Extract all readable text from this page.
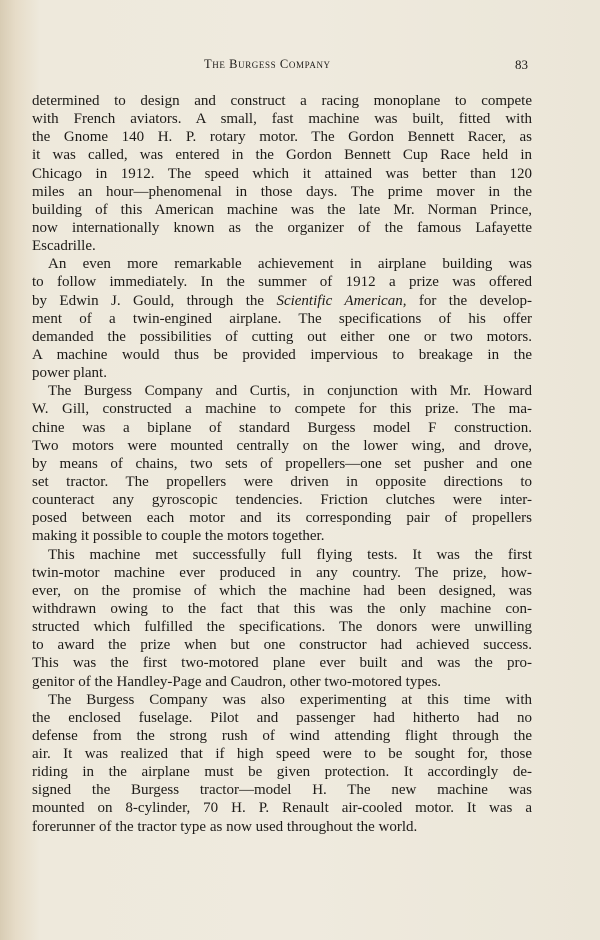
The Burgess Company	83
determined to design and construct a racing monoplane to compete
with French aviators. A small, fast machine was built, fitted with
the Gnome 140 H. P. rotary motor. The Gordon Bennett Racer, as
it was called, was entered in the Gordon Bennett Cup Race held in
Chicago in 1912. The speed which it attained was better than 120
miles an hour—phenomenal in those days. The prime mover in the
building of this American machine was the late Mr. Norman Prince,
now internationally known as the organizer of the famous Lafayette
Escadrille.
An even more remarkable achievement in airplane building was
to follow immediately. In the summer of 1912 a prize was offered
by Edwin J. Gould, through the Scientific American, for the develop-
ment of a twin-engined airplane. The specifications of his offer
demanded the possibilities of cutting out either one or two motors.
A machine would thus be provided impervious to breakage in the
power plant.
The Burgess Company and Curtis, in conjunction with Mr. Howard
W. Gill, constructed a machine to compete for this prize. The ma-
chine was a biplane of standard Burgess model F construction.
Two motors were mounted centrally on the lower wing, and drove,
by means of chains, two sets of propellers—one set pusher and one
set tractor. The propellers were driven in opposite directions to
counteract any gyroscopic tendencies. Friction clutches were inter-
posed between each motor and its corresponding pair of propellers
making it possible to couple the motors together.
This machine met successfully full flying tests. It was the first
twin-motor machine ever produced in any country. The prize, how-
ever, on the promise of which the machine had been designed, was
withdrawn owing to the fact that this was the only machine con-
structed which fulfilled the specifications. The donors were unwilling
to award the prize when but one constructor had achieved success.
This was the first two-motored plane ever built and was the pro-
genitor of the Handley-Page and Caudron, other two-motored types.
The Burgess Company was also experimenting at this time with
the enclosed fuselage. Pilot and passenger had hitherto had no
defense from the strong rush of wind attending flight through the
air. It was realized that if high speed were to be sought for, those
riding in the airplane must be given protection. It accordingly de-
signed the Burgess tractor—model H. The new machine was
mounted on 8-cylinder, 70 H. P. Renault air-cooled motor. It was a
forerunner of the tractor type as now used throughout the world.
